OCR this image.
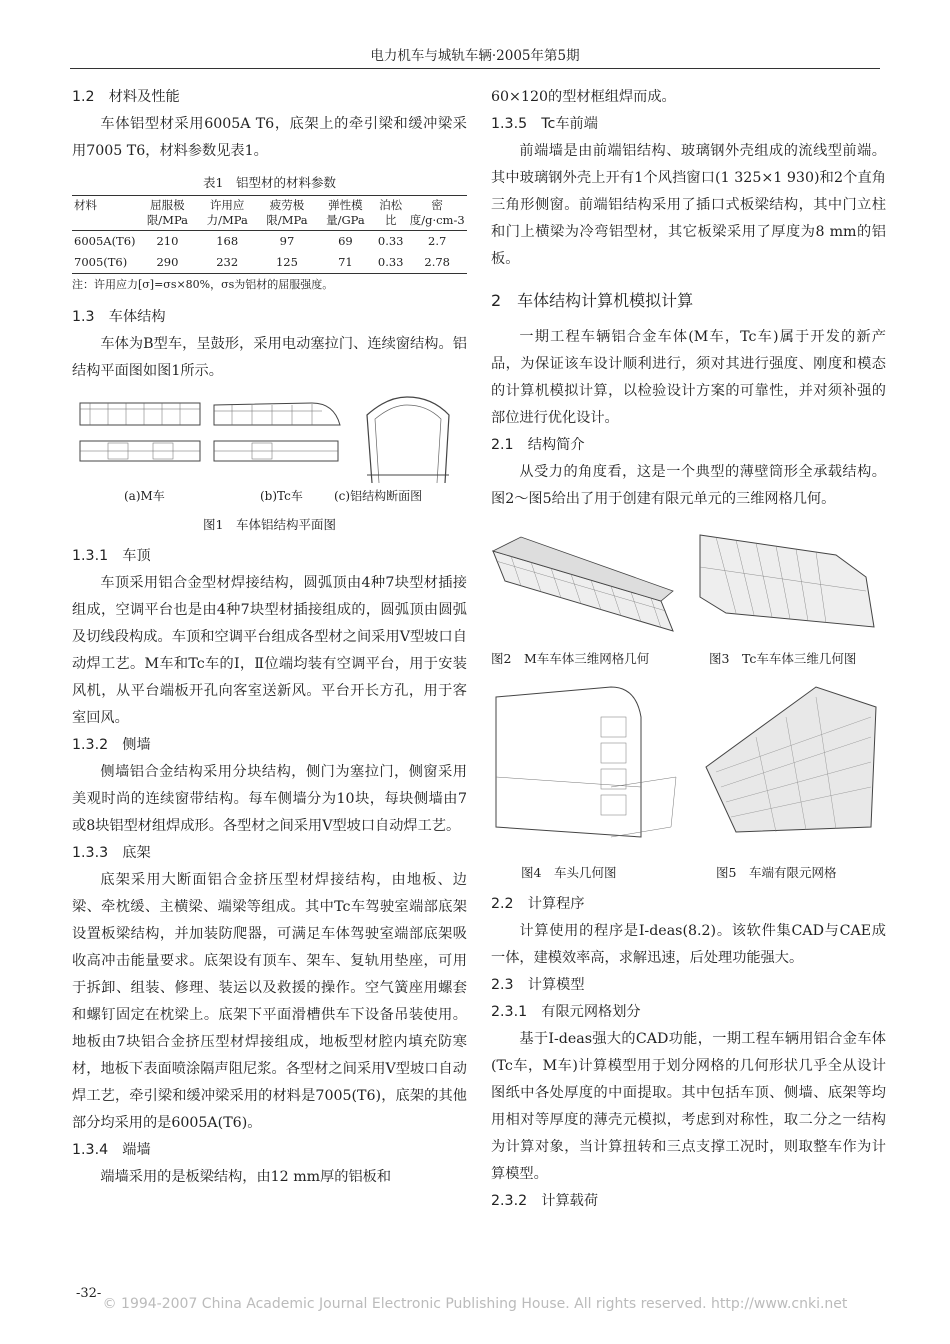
电力机车与城轨车辆·2005年第5期
1.2　材料及性能

车体铝型材采用6005A T6，底架上的牵引梁和缓冲梁采用7005 T6，材料参数见表1。

表1　铝型材的材料参数
材料	屈服极限/MPa	许用应力/MPa	疲劳极限/MPa	弹性模量/GPa	泊松比	密度/g·cm-3
6005A(T6)	210	168	97	69	0.33	2.7
7005(T6)	290	232	125	71	0.33	2.78
注：许用应力[σ]=σs×80%，σs为铝材的屈服强度。
1.3　车体结构

车体为B型车，呈鼓形，采用电动塞拉门、连续窗结构。铝结构平面图如图1所示。

(a)M车	(b)Tc车	(c)铝结构断面图
图1　车体铝结构平面图
1.3.1　车顶

车顶采用铝合金型材焊接结构，圆弧顶由4种7块型材插接组成，空调平台也是由4种7块型材插接组成的，圆弧顶由圆弧及切线段构成。车顶和空调平台组成各型材之间采用V型坡口自动焊工艺。M车和Tc车的Ⅰ，Ⅱ位端均装有空调平台，用于安装风机，从平台端板开孔向客室送新风。平台开长方孔，用于客室回风。

1.3.2　侧墙

侧墙铝合金结构采用分块结构，侧门为塞拉门，侧窗采用美观时尚的连续窗带结构。每车侧墙分为10块，每块侧墙由7或8块铝型材组焊成形。各型材之间采用V型坡口自动焊工艺。

1.3.3　底架

底架采用大断面铝合金挤压型材焊接结构，由地板、边梁、牵枕缓、主横梁、端梁等组成。其中Tc车驾驶室端部底架设置板梁结构，并加装防爬器，可满足车体驾驶室端部底架吸收高冲击能量要求。底架设有顶车、架车、复轨用垫座，可用于拆卸、组装、修理、装运以及救援的操作。空气簧座用螺套和螺钉固定在枕梁上。底架下平面滑槽供车下设备吊装使用。地板由7块铝合金挤压型材焊接组成，地板型材腔内填充防寒材，地板下表面喷涂隔声阻尼浆。各型材之间采用V型坡口自动焊工艺，牵引梁和缓冲梁采用的材料是7005(T6)，底架的其他部分均采用的是6005A(T6)。

1.3.4　端墙

端墙采用的是板梁结构，由12 mm厚的铝板和

60×120的型材框组焊而成。

1.3.5　Tc车前端

前端墙是由前端铝结构、玻璃钢外壳组成的流线型前端。其中玻璃钢外壳上开有1个风挡窗口(1 325×1 930)和2个直角三角形侧窗。前端铝结构采用了插口式板梁结构，其中门立柱和门上横梁为冷弯铝型材，其它板梁采用了厚度为8 mm的铝板。

2　车体结构计算机模拟计算

一期工程车辆铝合金车体(M车，Tc车)属于开发的新产品，为保证该车设计顺利进行，须对其进行强度、刚度和模态的计算机模拟计算，以检验设计方案的可靠性，并对须补强的部位进行优化设计。

2.1　结构简介

从受力的角度看，这是一个典型的薄壁筒形全承载结构。图2～图5给出了用于创建有限元单元的三维网格几何。

图2　M车车体三维网格几何	图3　Tc车车体三维几何图
图4　车头几何图	图5　车端有限元网格
2.2　计算程序

计算使用的程序是I-deas(8.2)。该软件集CAD与CAE成一体，建模效率高，求解迅速，后处理功能强大。

2.3　计算模型
2.3.1　有限元网格划分

基于I-deas强大的CAD功能，一期工程车辆用铝合金车体(Tc车，M车)计算模型用于划分网格的几何形状几乎全从设计图纸中各处厚度的中面提取。其中包括车顶、侧墙、底架等均用相对等厚度的薄壳元模拟，考虑到对称性，取二分之一结构为计算对象，当计算扭转和三点支撑工况时，则取整车作为计算模型。

2.3.2　计算载荷
-32-
© 1994-2007 China Academic Journal Electronic Publishing House. All rights reserved. http://www.cnki.net
